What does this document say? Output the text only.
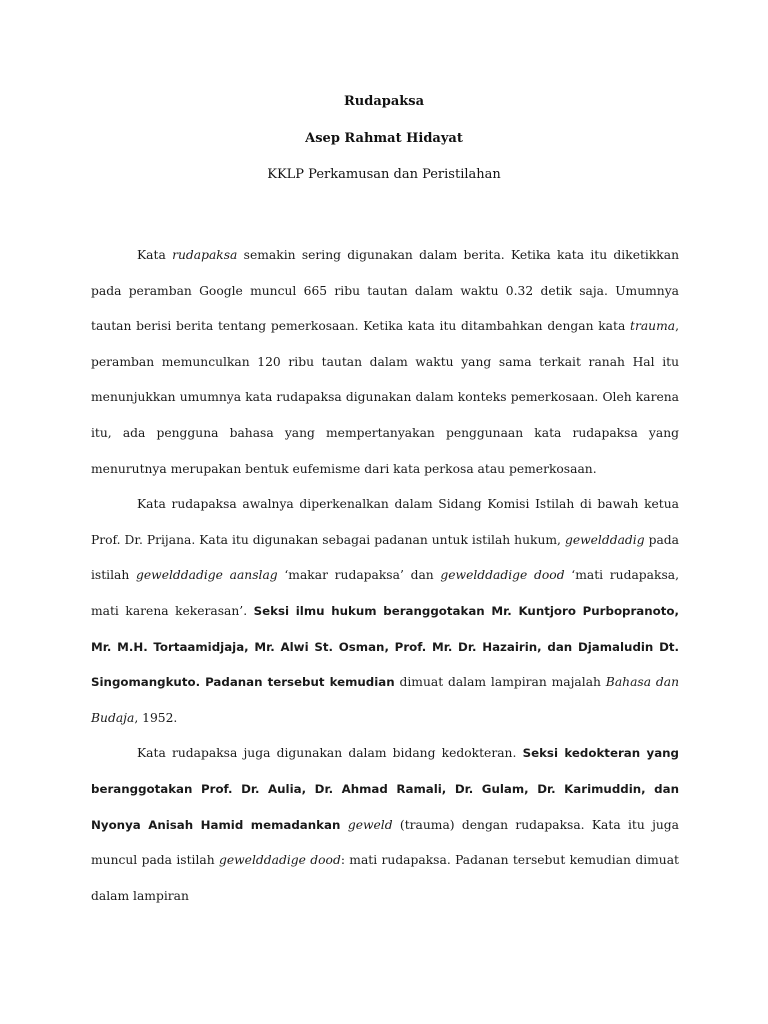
Rudapaksa
Asep Rahmat Hidayat
KKLP Perkamusan dan Peristilahan

Kata rudapaksa semakin sering digunakan dalam berita. Ketika kata itu diketikkan pada peramban Google muncul 665 ribu tautan dalam waktu 0.32 detik saja. Umumnya tautan berisi berita tentang pemerkosaan. Ketika kata itu ditambahkan dengan kata trauma, peramban memunculkan 120 ribu tautan dalam waktu yang sama terkait ranah Hal itu menunjukkan umumnya kata rudapaksa digunakan dalam konteks pemerkosaan. Oleh karena itu, ada pengguna bahasa yang mempertanyakan penggunaan kata rudapaksa yang menurutnya merupakan bentuk eufemisme dari kata perkosa atau pemerkosaan.

Kata rudapaksa awalnya diperkenalkan dalam Sidang Komisi Istilah di bawah ketua Prof. Dr. Prijana. Kata itu digunakan sebagai padanan untuk istilah hukum, gewelddadig pada istilah gewelddadige aanslag ‘makar rudapaksa’ dan gewelddadige dood ‘mati rudapaksa, mati karena kekerasan’. Seksi ilmu hukum beranggotakan Mr. Kuntjoro Purbopranoto, Mr. M.H. Tortaamidjaja, Mr. Alwi St. Osman, Prof. Mr. Dr. Hazairin, dan Djamaludin Dt. Singomangkuto. Padanan tersebut kemudian dimuat dalam lampiran majalah Bahasa dan Budaja, 1952.

Kata rudapaksa juga digunakan dalam bidang kedokteran. Seksi kedokteran yang beranggotakan Prof. Dr. Aulia, Dr. Ahmad Ramali, Dr. Gulam, Dr. Karimuddin, dan Nyonya Anisah Hamid memadankan geweld (trauma) dengan rudapaksa. Kata itu juga muncul pada istilah gewelddadige dood: mati rudapaksa. Padanan tersebut kemudian dimuat dalam lampiran
